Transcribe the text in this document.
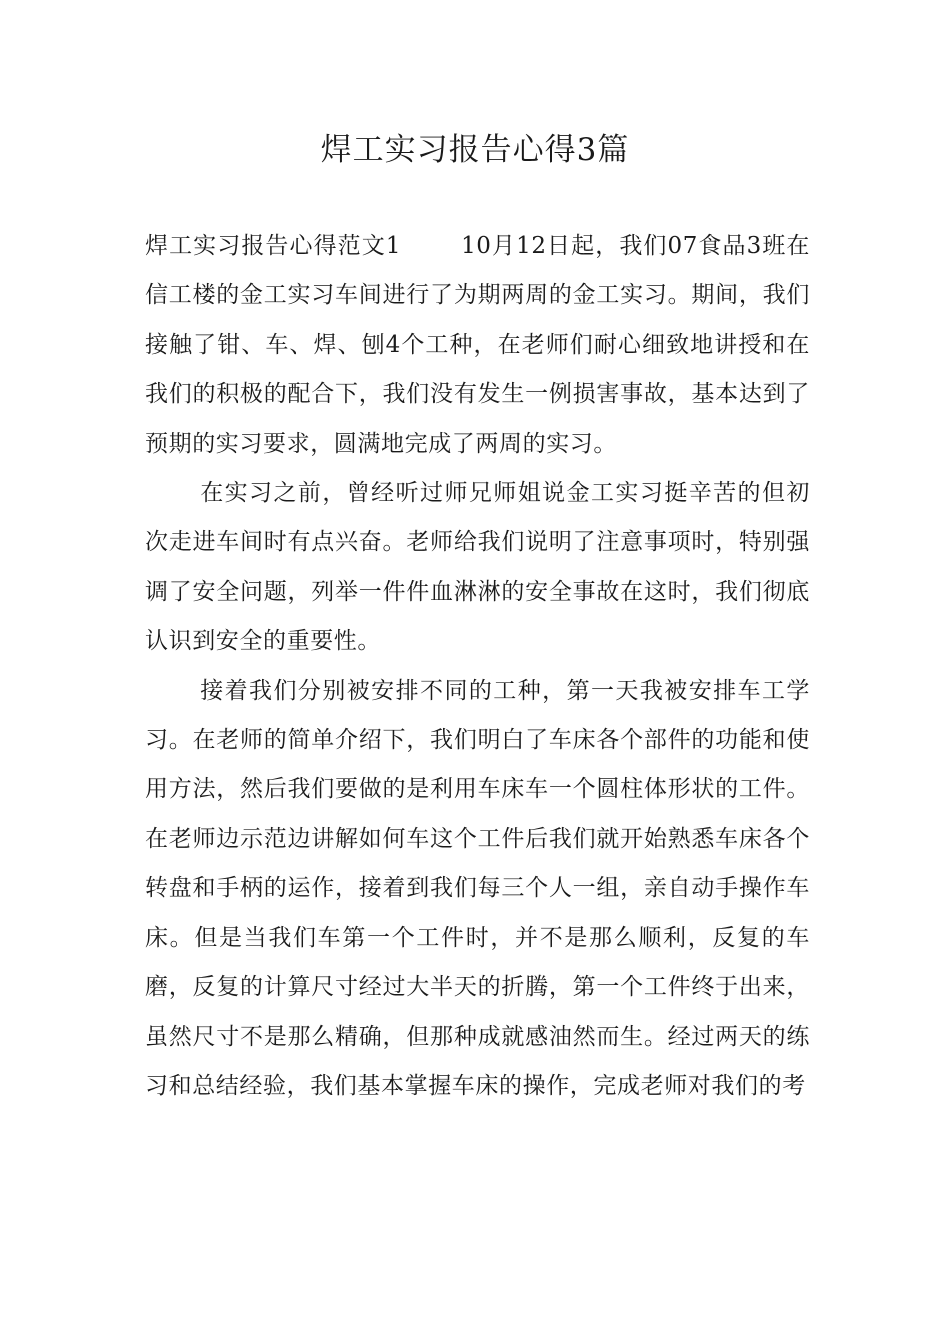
焊工实习报告心得3篇

焊工实习报告心得范文1	10月12日起，我们07食品3班在信工楼的金工实习车间进行了为期两周的金工实习。期间，我们接触了钳、车、焊、刨4个工种，在老师们耐心细致地讲授和在我们的积极的配合下，我们没有发生一例损害事故，基本达到了预期的实习要求，圆满地完成了两周的实习。

在实习之前，曾经听过师兄师姐说金工实习挺辛苦的但初次走进车间时有点兴奋。老师给我们说明了注意事项时，特别强调了安全问题，列举一件件血淋淋的安全事故在这时，我们彻底认识到安全的重要性。

接着我们分别被安排不同的工种，第一天我被安排车工学习。在老师的简单介绍下，我们明白了车床各个部件的功能和使用方法，然后我们要做的是利用车床车一个圆柱体形状的工件。在老师边示范边讲解如何车这个工件后我们就开始熟悉车床各个转盘和手柄的运作，接着到我们每三个人一组，亲自动手操作车床。但是当我们车第一个工件时，并不是那么顺利，反复的车磨，反复的计算尺寸经过大半天的折腾，第一个工件终于出来，虽然尺寸不是那么精确，但那种成就感油然而生。经过两天的练习和总结经验，我们基本掌握车床的操作，完成老师对我们的考
